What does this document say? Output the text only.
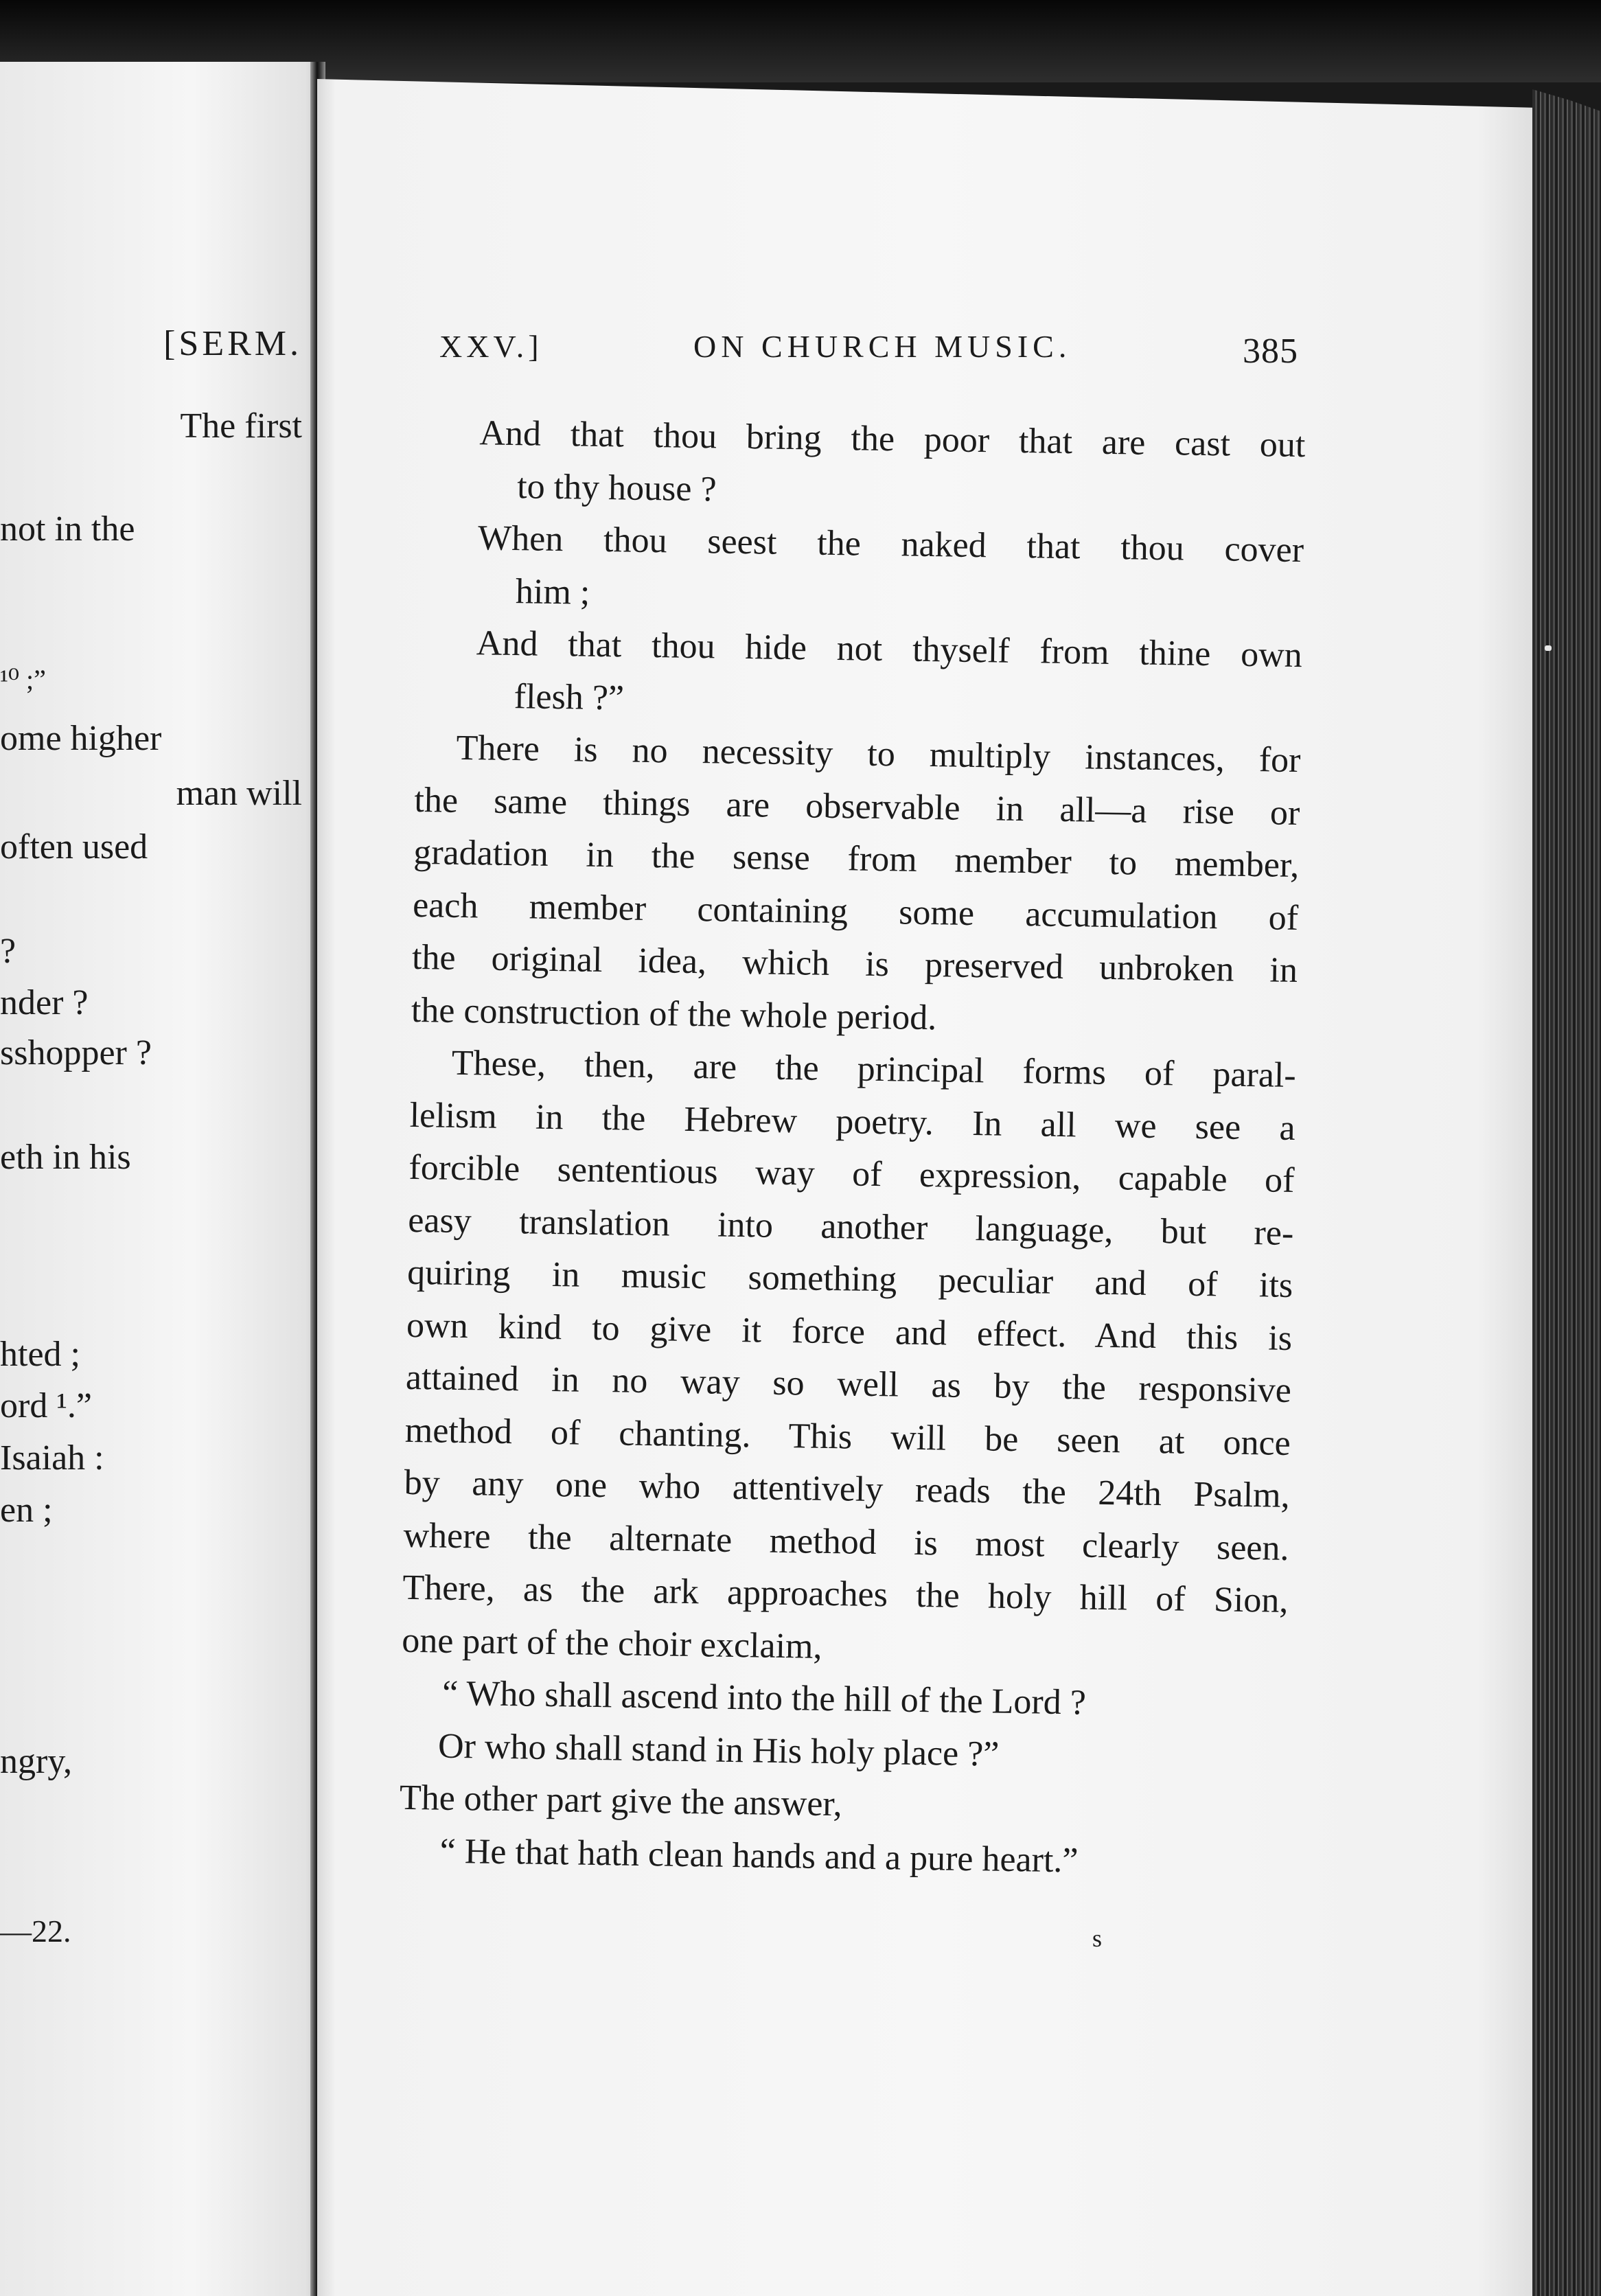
[SERM.
The first
not in the
¹⁰ ;”
ome higher
man will
often used
?
nder ?
sshopper ?
eth in his
hted ;
ord ¹.”
Isaiah :
en ;
ngry,
—22.
XXV.]	ON CHURCH MUSIC.	385
And that thou bring the poor that are cast out
to thy house ?
When thou seest the naked that thou cover
him ;
And that thou hide not thyself from thine own
flesh ?”
There is no necessity to multiply instances, for
the same things are observable in all—a rise or
gradation in the sense from member to member,
each member containing some accumulation of
the original idea, which is preserved unbroken in
the construction of the whole period.
These, then, are the principal forms of paral-
lelism in the Hebrew poetry. In all we see a
forcible sententious way of expression, capable of
easy translation into another language, but re-
quiring in music something peculiar and of its
own kind to give it force and effect. And this is
attained in no way so well as by the responsive
method of chanting. This will be seen at once
by any one who attentively reads the 24th Psalm,
where the alternate method is most clearly seen.
There, as the ark approaches the holy hill of Sion,
one part of the choir exclaim,
“ Who shall ascend into the hill of the Lord ?
Or who shall stand in His holy place ?”
The other part give the answer,
“ He that hath clean hands and a pure heart.”
s
